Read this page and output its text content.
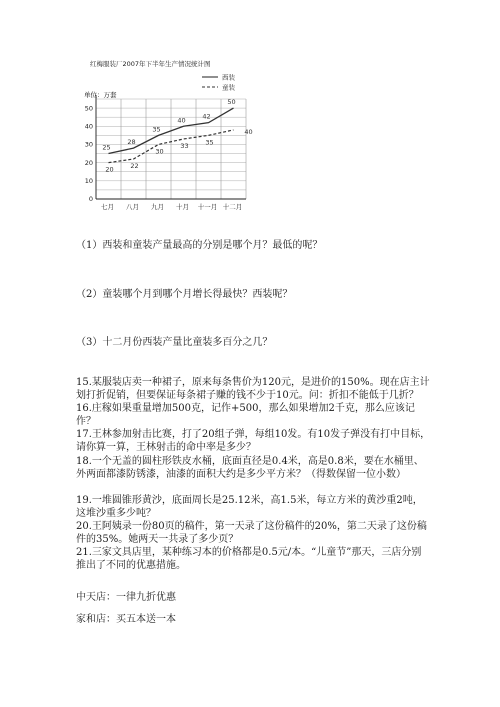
红梅服装厂2007年下半年生产情况统计图
单位：万套
0
10
20
30
40
50
七月 八月 九月 十月 十一月 十二月
25
28
35
40	42
50
20	22
30
33	35
40
西装
童装
（1）西装和童装产量最高的分别是哪个月？最低的呢？
（2）童装哪个月到哪个月增长得最快？西装呢？
（3）十二月份西装产量比童装多百分之几？
15.某服装店卖一种裙子，原来每条售价为120元，是进价的150%。现在店主计划打折促销，但要保证每条裙子赚的钱不少于10元。问：折扣不能低于几折？
16.庄稼如果重量增加500克，记作+500，那么如果增加2千克，那么应该记作？
17.王林参加射击比赛，打了20组子弹，每组10发。有10发子弹没有打中目标，请你算一算，王林射击的命中率是多少？
18.一个无盖的圆柱形铁皮水桶，底面直径是0.4米，高是0.8米，要在水桶里、外两面都漆防锈漆，油漆的面积大约是多少平方米？（得数保留一位小数）
19.一堆圆锥形黄沙，底面周长是25.12米，高1.5米，每立方米的黄沙重2吨，这堆沙重多少吨？
20.王阿姨录一份80页的稿件，第一天录了这份稿件的20%，第二天录了这份稿件的35%。她两天一共录了多少页？
21.三家文具店里，某种练习本的价格都是0.5元/本。“儿童节”那天，三店分别推出了不同的优惠措施。
中天店：一律九折优惠
家和店：买五本送一本
